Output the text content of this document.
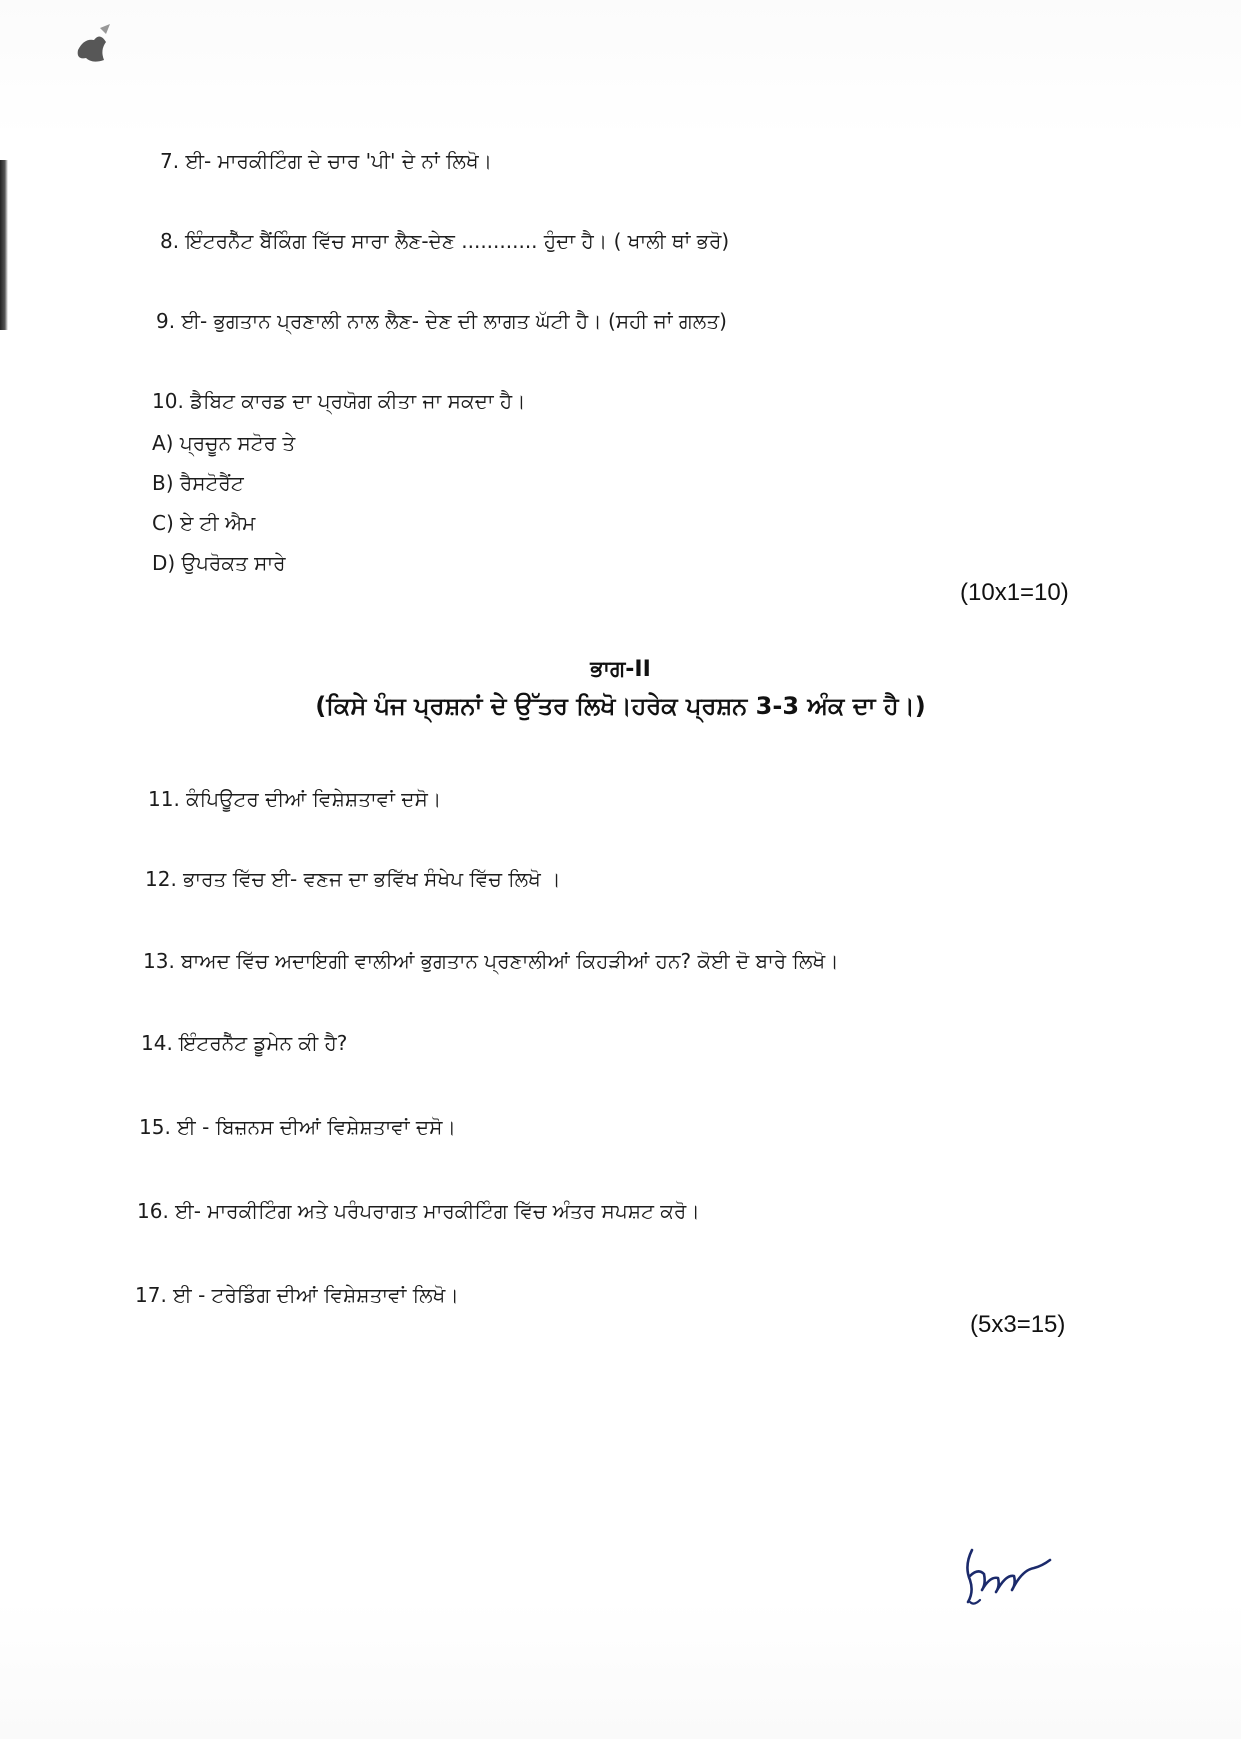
7. ਈ- ਮਾਰਕੀਟਿੰਗ ਦੇ ਚਾਰ 'ਪੀ' ਦੇ ਨਾਂ ਲਿਖੋ।
8. ਇੰਟਰਨੈੱਟ ਬੈਂਕਿੰਗ ਵਿੱਚ ਸਾਰਾ ਲੈਣ-ਦੇਣ ............ ਹੁੰਦਾ ਹੈ। ( ਖਾਲੀ ਥਾਂ ਭਰੋ)
9. ਈ- ਭੁਗਤਾਨ ਪ੍ਰਣਾਲੀ ਨਾਲ ਲੈਣ- ਦੇਣ ਦੀ ਲਾਗਤ ਘੱਟੀ ਹੈ। (ਸਹੀ ਜਾਂ ਗਲਤ)
10. ਡੈਬਿਟ ਕਾਰਡ ਦਾ ਪ੍ਰਯੋਗ ਕੀਤਾ ਜਾ ਸਕਦਾ ਹੈ।
A) ਪ੍ਰਚੂਨ ਸਟੋਰ ਤੇ
B) ਰੈਸਟੋਰੈਂਟ
C) ਏ ਟੀ ਐਮ
D) ਉਪਰੋਕਤ ਸਾਰੇ
(10x1=10)
ਭਾਗ-II
(ਕਿਸੇ ਪੰਜ ਪ੍ਰਸ਼ਨਾਂ ਦੇ ਉੱਤਰ ਲਿਖੋ।ਹਰੇਕ ਪ੍ਰਸ਼ਨ 3-3 ਅੰਕ ਦਾ ਹੈ।)
11. ਕੰਪਿਊਟਰ ਦੀਆਂ ਵਿਸ਼ੇਸ਼ਤਾਵਾਂ ਦਸੋ।
12. ਭਾਰਤ ਵਿੱਚ ਈ- ਵਣਜ ਦਾ ਭਵਿੱਖ ਸੰਖੇਪ ਵਿੱਚ ਲਿਖੋ ।
13. ਬਾਅਦ ਵਿੱਚ ਅਦਾਇਗੀ ਵਾਲੀਆਂ ਭੁਗਤਾਨ ਪ੍ਰਣਾਲੀਆਂ ਕਿਹੜੀਆਂ ਹਨ? ਕੋਈ ਦੋ ਬਾਰੇ ਲਿਖੋ।
14. ਇੰਟਰਨੈੱਟ ਡੂਮੇਨ ਕੀ ਹੈ?
15. ਈ - ਬਿਜ਼ਨਸ ਦੀਆਂ ਵਿਸ਼ੇਸ਼ਤਾਵਾਂ ਦਸੋ।
16. ਈ- ਮਾਰਕੀਟਿੰਗ ਅਤੇ ਪਰੰਪਰਾਗਤ ਮਾਰਕੀਟਿੰਗ ਵਿੱਚ ਅੰਤਰ ਸਪਸ਼ਟ ਕਰੋ।
17. ਈ - ਟਰੇਡਿੰਗ ਦੀਆਂ ਵਿਸ਼ੇਸ਼ਤਾਵਾਂ ਲਿਖੋ।
(5x3=15)
